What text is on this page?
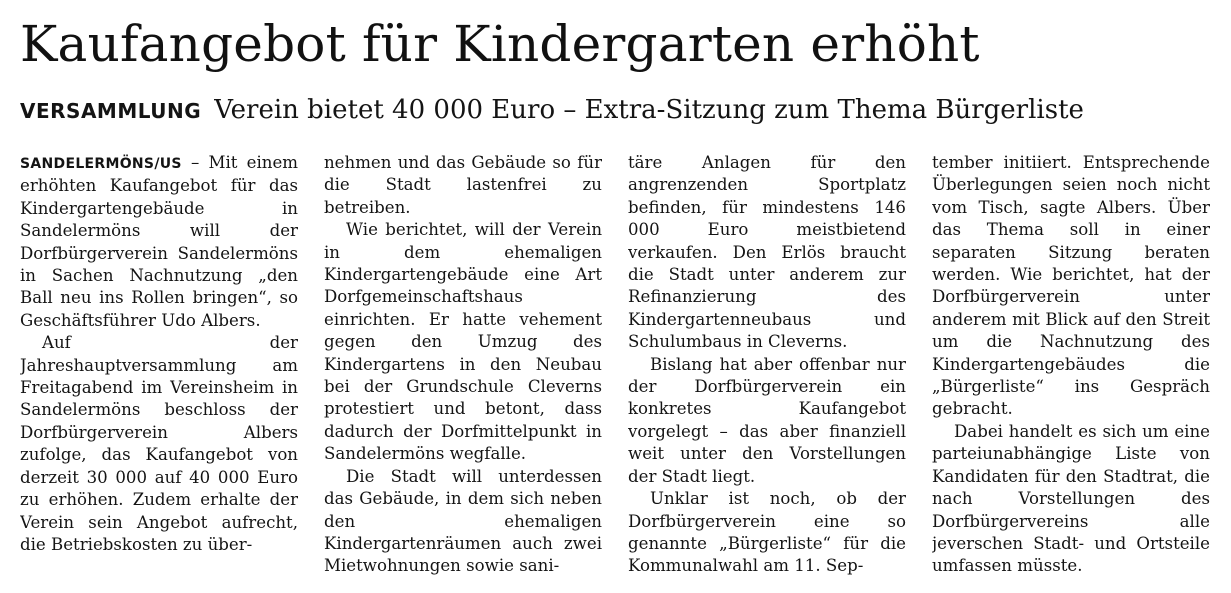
Kaufangebot für Kindergarten erhöht
VERSAMMLUNG Verein bietet 40 000 Euro – Extra-Sitzung zum Thema Bürgerliste

SANDELERMÖNS/US – Mit einem erhöhten Kaufangebot für das Kindergartengebäude in Sandelermöns will der Dorfbürgerverein Sandelermöns in Sachen Nachnutzung „den Ball neu ins Rollen bringen“, so Geschäftsführer Udo Albers.

Auf der Jahreshauptversammlung am Freitagabend im Vereinsheim in Sandelermöns beschloss der Dorfbürgerverein Albers zufolge, das Kaufangebot von derzeit 30 000 auf 40 000 Euro zu erhöhen. Zudem erhalte der Verein sein Angebot aufrecht, die Betriebskosten zu über-

nehmen und das Gebäude so für die Stadt lastenfrei zu betreiben.

Wie berichtet, will der Verein in dem ehemaligen Kindergartengebäude eine Art Dorfgemeinschaftshaus einrichten. Er hatte vehement gegen den Umzug des Kindergartens in den Neubau bei der Grundschule Cleverns protestiert und betont, dass dadurch der Dorfmittelpunkt in Sandelermöns wegfalle.

Die Stadt will unterdessen das Gebäude, in dem sich neben den ehemaligen Kindergartenräumen auch zwei Mietwohnungen sowie sani-

täre Anlagen für den angrenzenden Sportplatz befinden, für mindestens 146 000 Euro meistbietend verkaufen. Den Erlös braucht die Stadt unter anderem zur Refinanzierung des Kindergartenneubaus und Schulumbaus in Cleverns.

Bislang hat aber offenbar nur der Dorfbürgerverein ein konkretes Kaufangebot vorgelegt – das aber finanziell weit unter den Vorstellungen der Stadt liegt.

Unklar ist noch, ob der Dorfbürgerverein eine so genannte „Bürgerliste“ für die Kommunalwahl am 11. Sep-

tember initiiert. Entsprechende Überlegungen seien noch nicht vom Tisch, sagte Albers. Über das Thema soll in einer separaten Sitzung beraten werden. Wie berichtet, hat der Dorfbürgerverein unter anderem mit Blick auf den Streit um die Nachnutzung des Kindergartengebäudes die „Bürgerliste“ ins Gespräch gebracht.

Dabei handelt es sich um eine parteiunabhängige Liste von Kandidaten für den Stadtrat, die nach Vorstellungen des Dorfbürgervereins alle jeverschen Stadt- und Ortsteile umfassen müsste.
